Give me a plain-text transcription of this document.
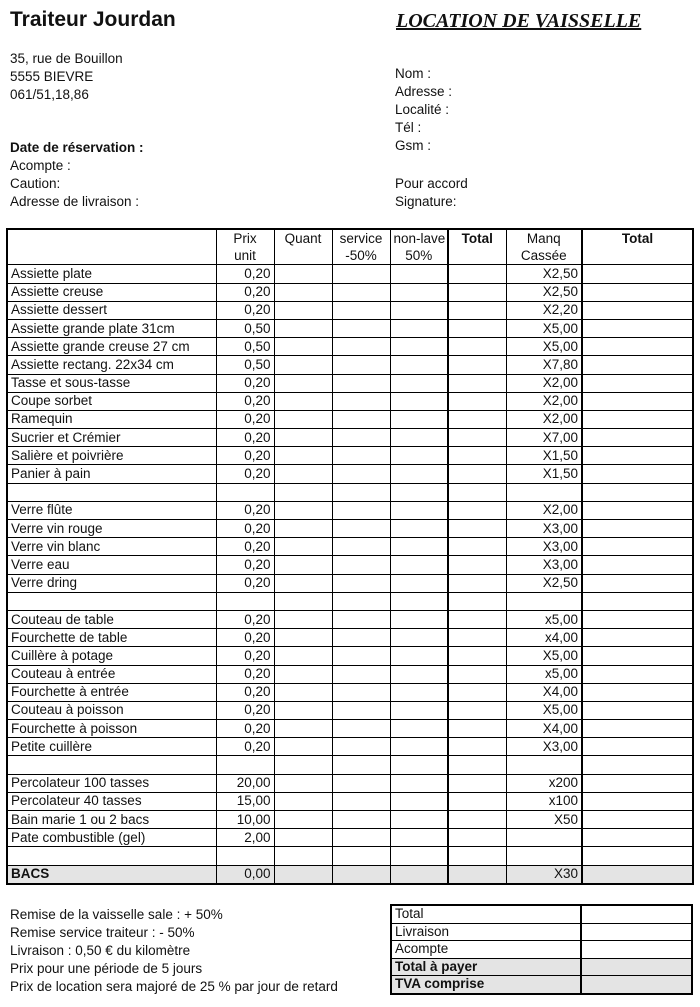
Traiteur Jourdan	LOCATION DE VAISSELLE
35, rue de Bouillon
5555 BIEVRE
061/51,18,86
Nom :
Adresse :
Localité :
Tél :
Gsm :
Date de réservation :
Acompte :
Caution:
Adresse de livraison :
Pour accord
Signature:
	Prix	Quant	service	non-lave	Total	Manq	Total
	unit		-50%	50%		Cassée	
Assiette plate	0,20					X2,50	
Assiette creuse	0,20					X2,50	
Assiette dessert	0,20					X2,20	
Assiette grande plate 31cm	0,50					X5,00	
Assiette grande creuse 27 cm	0,50					X5,00	
Assiette rectang. 22x34 cm	0,50					X7,80	
Tasse et sous-tasse	0,20					X2,00	
Coupe sorbet	0,20					X2,00	
Ramequin	0,20					X2,00	
Sucrier et Crémier	0,20					X7,00	
Salière et poivrière	0,20					X1,50	
Panier à pain	0,20					X1,50	

Verre flûte	0,20					X2,00	
Verre vin rouge	0,20					X3,00	
Verre vin blanc	0,20					X3,00	
Verre eau	0,20					X3,00	
Verre dring	0,20					X2,50	

Couteau de table	0,20					x5,00	
Fourchette de table	0,20					x4,00	
Cuillère à potage	0,20					X5,00	
Couteau à entrée	0,20					x5,00	
Fourchette à entrée	0,20					X4,00	
Couteau à poisson	0,20					X5,00	
Fourchette à poisson	0,20					X4,00	
Petite cuillère	0,20					X3,00	

Percolateur 100 tasses	20,00					x200	
Percolateur 40 tasses	15,00					x100	
Bain marie 1 ou 2 bacs	10,00					X50	
Pate combustible (gel)	2,00						

BACS	0,00					X30	
Remise de la vaisselle sale : + 50%
Remise service traiteur : - 50%
Livraison : 0,50 € du kilomètre
Prix pour une période de 5 jours
Prix de location sera majoré de 25 % par jour de retard
Total	
Livraison	
Acompte	
Total à payer	
TVA comprise	
